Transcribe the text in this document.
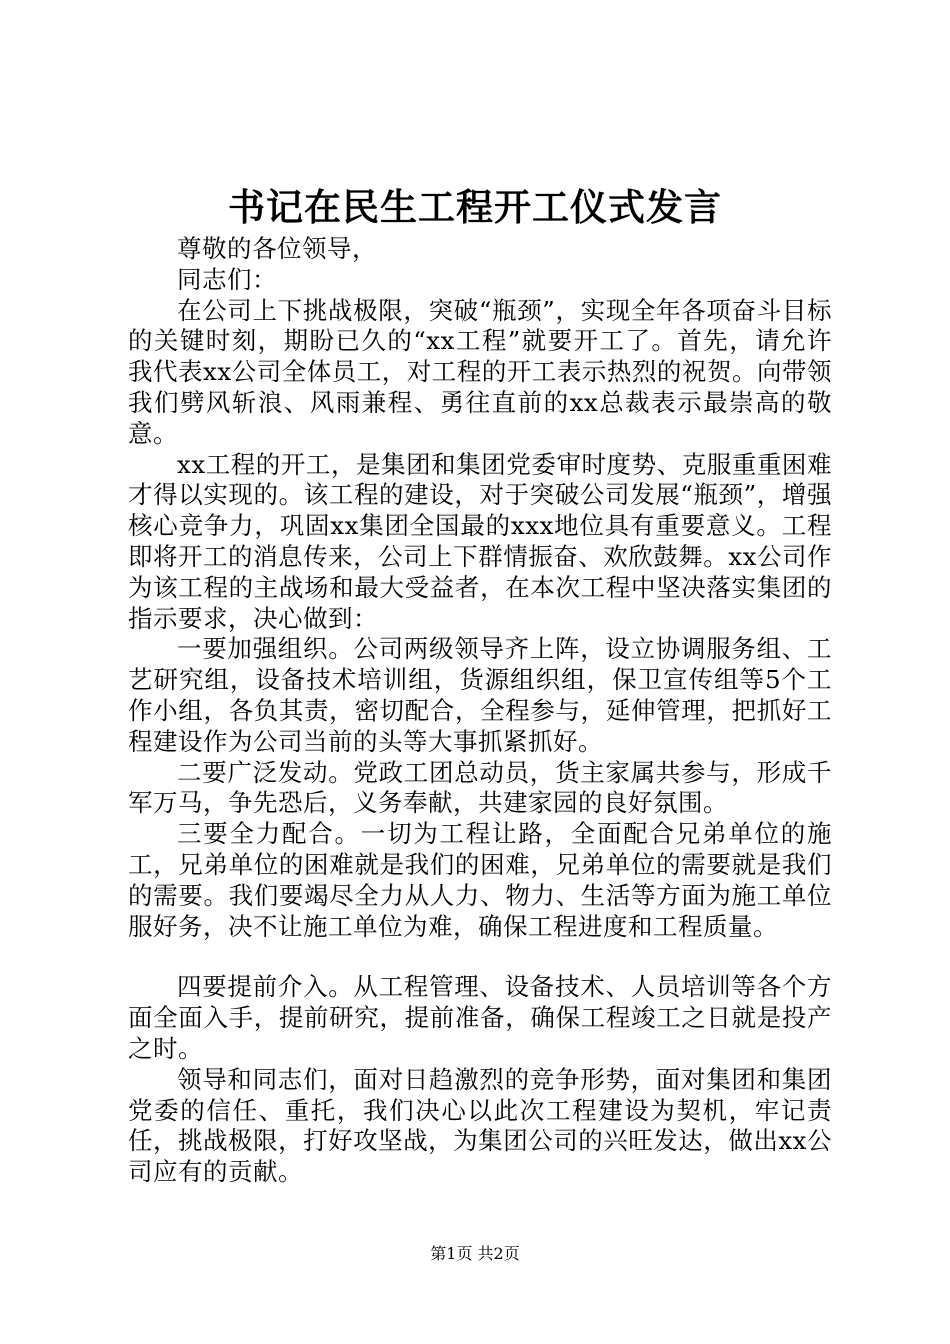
书记在民生工程开工仪式发言

尊敬的各位领导，

同志们：

在公司上下挑战极限，突破“瓶颈”，实现全年各项奋斗目标的关键时刻，期盼已久的“xx工程”就要开工了。首先，请允许我代表xx公司全体员工，对工程的开工表示热烈的祝贺。向带领我们劈风斩浪、风雨兼程、勇往直前的xx总裁表示最崇高的敬意。

xx工程的开工，是集团和集团党委审时度势、克服重重困难才得以实现的。该工程的建设，对于突破公司发展“瓶颈”，增强核心竞争力，巩固xx集团全国最的xxx地位具有重要意义。工程即将开工的消息传来，公司上下群情振奋、欢欣鼓舞。xx公司作为该工程的主战场和最大受益者，在本次工程中坚决落实集团的指示要求，决心做到：

一要加强组织。公司两级领导齐上阵，设立协调服务组、工艺研究组，设备技术培训组，货源组织组，保卫宣传组等5个工作小组，各负其责，密切配合，全程参与，延伸管理，把抓好工程建设作为公司当前的头等大事抓紧抓好。

二要广泛发动。党政工团总动员，货主家属共参与，形成千军万马，争先恐后，义务奉献，共建家园的良好氛围。

三要全力配合。一切为工程让路，全面配合兄弟单位的施工，兄弟单位的困难就是我们的困难，兄弟单位的需要就是我们的需要。我们要竭尽全力从人力、物力、生活等方面为施工单位服好务，决不让施工单位为难，确保工程进度和工程质量。

四要提前介入。从工程管理、设备技术、人员培训等各个方面全面入手，提前研究，提前准备，确保工程竣工之日就是投产之时。

领导和同志们，面对日趋激烈的竞争形势，面对集团和集团党委的信任、重托，我们决心以此次工程建设为契机，牢记责任，挑战极限，打好攻坚战，为集团公司的兴旺发达，做出xx公司应有的贡献。

第1页 共2页
